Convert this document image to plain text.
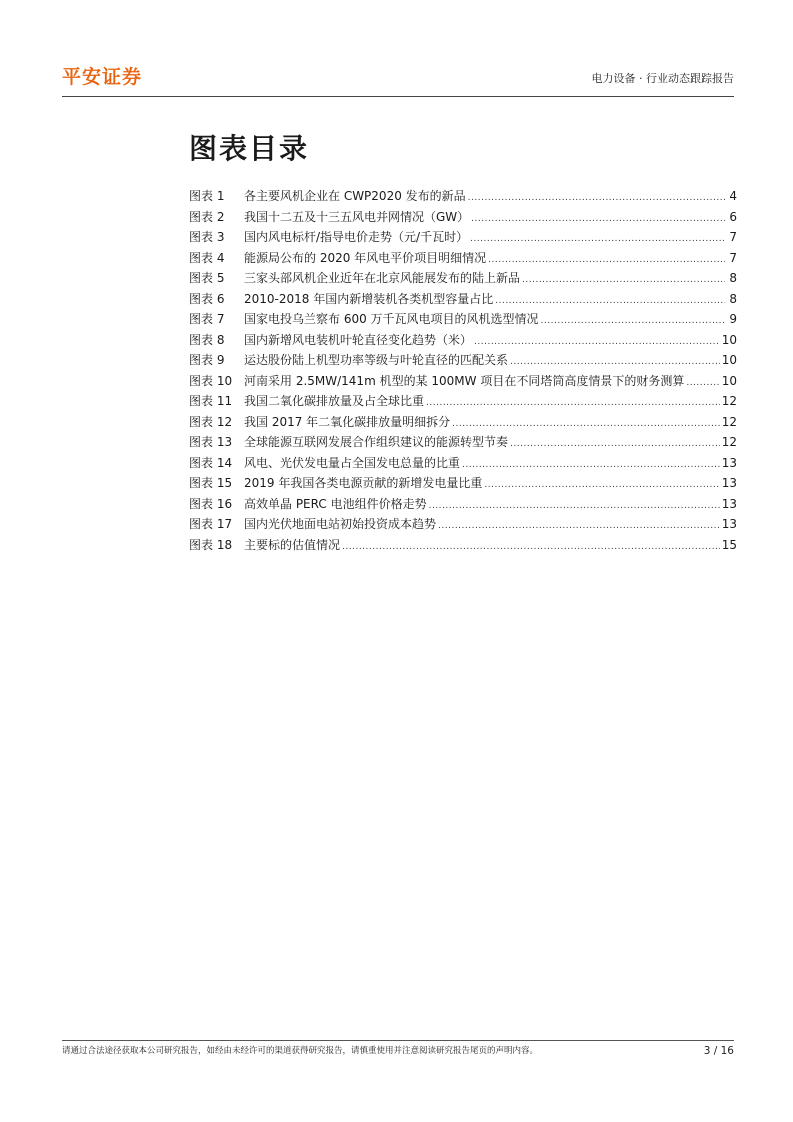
平安证券	电力设备 · 行业动态跟踪报告
图表目录
图表 1	各主要风机企业在 CWP2020 发布的新品 .....	4
图表 2	我国十二五及十三五风电并网情况（GW） .....	6
图表 3	国内风电标杆/指导电价走势（元/千瓦时） .....	7
图表 4	能源局公布的 2020 年风电平价项目明细情况 .....	7
图表 5	三家头部风机企业近年在北京风能展发布的陆上新品 .....	8
图表 6	2010-2018 年国内新增装机各类机型容量占比 .....	8
图表 7	国家电投乌兰察布 600 万千瓦风电项目的风机选型情况 .....	9
图表 8	国内新增风电装机叶轮直径变化趋势（米） .....	10
图表 9	运达股份陆上机型功率等级与叶轮直径的匹配关系 .....	10
图表 10 河南采用 2.5MW/141m 机型的某 100MW 项目在不同塔筒高度情景下的财务测算 .....	10
图表 11 我国二氧化碳排放量及占全球比重 .....	12
图表 12 我国 2017 年二氧化碳排放量明细拆分 .....	12
图表 13 全球能源互联网发展合作组织建议的能源转型节奏 .....	12
图表 14 风电、光伏发电量占全国发电总量的比重 .....	13
图表 15 2019 年我国各类电源贡献的新增发电量比重 .....	13
图表 16 高效单晶 PERC 电池组件价格走势 .....	13
图表 17 国内光伏地面电站初始投资成本趋势 .....	13
图表 18 主要标的估值情况 .....	15
请通过合法途径获取本公司研究报告，如经由未经许可的渠道获得研究报告，请慎重使用并注意阅读研究报告尾页的声明内容。	3 / 16
